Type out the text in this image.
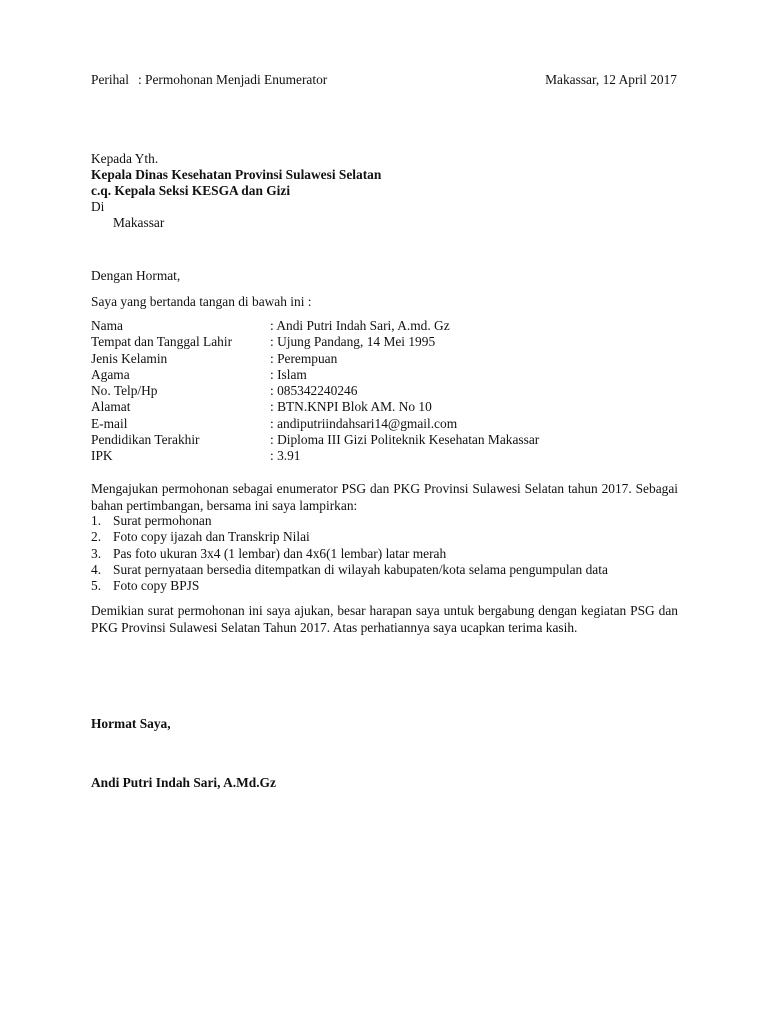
Perihal : Permohonan Menjadi Enumerator	Makassar, 12 April 2017
Kepada Yth.
Kepala Dinas Kesehatan Provinsi Sulawesi Selatan
c.q. Kepala Seksi KESGA dan Gizi
Di
Makassar
Dengan Hormat,
Saya yang bertanda tangan di bawah ini :
Nama	: Andi Putri Indah Sari, A.md. Gz
Tempat dan Tanggal Lahir	: Ujung Pandang, 14 Mei 1995
Jenis Kelamin	: Perempuan
Agama	: Islam
No. Telp/Hp	: 085342240246
Alamat	: BTN.KNPI Blok AM. No 10
E-mail	: andiputriindahsari14@gmail.com
Pendidikan Terakhir	: Diploma III Gizi Politeknik Kesehatan Makassar
IPK	: 3.91
Mengajukan permohonan sebagai enumerator PSG dan PKG Provinsi Sulawesi Selatan tahun 2017. Sebagai bahan pertimbangan, bersama ini saya lampirkan:
1. Surat permohonan
2. Foto copy ijazah dan Transkrip Nilai
3. Pas foto ukuran 3x4 (1 lembar) dan 4x6(1 lembar) latar merah
4. Surat pernyataan bersedia ditempatkan di wilayah kabupaten/kota selama pengumpulan data
5. Foto copy BPJS
Demikian surat permohonan ini saya ajukan, besar harapan saya untuk bergabung dengan kegiatan PSG dan PKG Provinsi Sulawesi Selatan Tahun 2017. Atas perhatiannya saya ucapkan terima kasih.
Hormat Saya,
Andi Putri Indah Sari, A.Md.Gz
